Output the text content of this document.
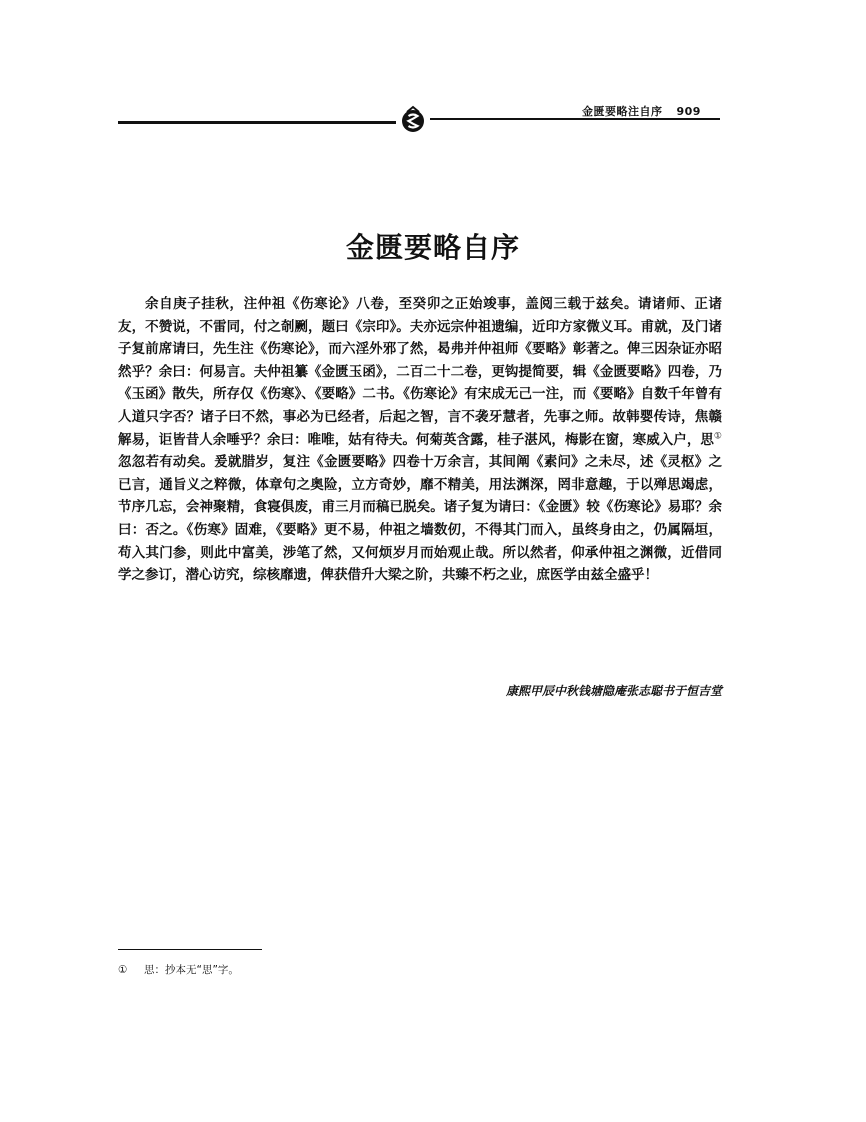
金匮要略注自序 909
金匮要略自序

余自庚子挂秋，注仲祖《伤寒论》八卷，至癸卯之正始竣事，盖阅三载于兹矣。请诸师、正诸友，不赞说，不雷同，付之剞劂，题曰《宗印》。夫亦远宗仲祖遗编，近印方家微义耳。甫就，及门诸子复前席请曰，先生注《伤寒论》，而六淫外邪了然，曷弗并仲祖师《要略》彰著之。俾三因杂证亦昭然乎？余曰：何易言。夫仲祖纂《金匮玉函》，二百二十二卷，更钩提简要，辑《金匮要略》四卷，乃《玉函》散失，所存仅《伤寒》、《要略》二书。《伤寒论》有宋成无己一注，而《要略》自数千年曾有人道只字否？诸子曰不然，事必为已经者，后起之智，言不袭牙慧者，先事之师。故韩婴传诗，焦赣解易，讵皆昔人余唾乎？余曰：唯唯，姑有待夫。何菊英含露，桂子湛风，梅影在窗，寒威入户，思①忽忽若有动矣。爰就腊岁，复注《金匮要略》四卷十万余言，其间阐《素问》之未尽，述《灵枢》之已言，通旨义之粹微，体章句之奥险，立方奇妙，靡不精美，用法渊深，罔非意趣，于以殚思竭虑，节序几忘，会神聚精，食寝俱废，甫三月而稿已脱矣。诸子复为请曰：《金匮》较《伤寒论》易耶？余曰：否之。《伤寒》固难，《要略》更不易，仲祖之墙数仞，不得其门而入，虽终身由之，仍属隔垣，苟入其门参，则此中富美，涉笔了然，又何烦岁月而始观止哉。所以然者，仰承仲祖之渊微，近借同学之参订，潜心访究，综核靡遗，俾获借升大梁之阶，共臻不朽之业，庶医学由兹全盛乎！

康熙甲辰中秋钱塘隐庵张志聪书于恒吉堂
① 思：抄本无“思”字。
